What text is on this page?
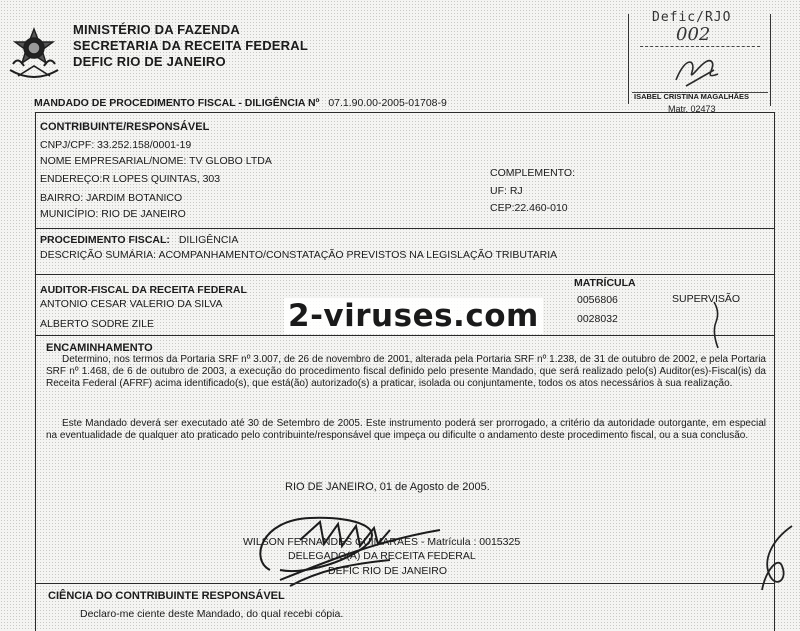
MINISTÉRIO DA FAZENDA
SECRETARIA DA RECEITA FEDERAL
DEFIC RIO DE JANEIRO
Defic/RJO
002
ISABEL CRISTINA MAGALHÃES
Matr. 02473
MANDADO DE PROCEDIMENTO FISCAL - DILIGÊNCIA Nº 07.1.90.00-2005-01708-9
CONTRIBUINTE/RESPONSÁVEL
CNPJ/CPF: 33.252.158/0001-19
NOME EMPRESARIAL/NOME: TV GLOBO LTDA
ENDEREÇO:R LOPES QUINTAS, 303
BAIRRO: JARDIM BOTANICO
MUNICÍPIO: RIO DE JANEIRO
COMPLEMENTO:
UF: RJ
CEP:22.460-010
PROCEDIMENTO FISCAL: DILIGÊNCIA
DESCRIÇÃO SUMÁRIA: ACOMPANHAMENTO/CONSTATAÇÃO PREVISTOS NA LEGISLAÇÃO TRIBUTARIA
AUDITOR-FISCAL DA RECEITA FEDERAL
MATRÍCULA
ANTONIO CESAR VALERIO DA SILVA	0056806	SUPERVISÃO
ALBERTO SODRE ZILE	0028032
2-viruses.com
ENCAMINHAMENTO
Determino, nos termos da Portaria SRF nº 3.007, de 26 de novembro de 2001, alterada pela Portaria SRF nº 1.238, de 31 de outubro de 2002, e pela Portaria SRF nº 1.468, de 6 de outubro de 2003, a execução do procedimento fiscal definido pelo presente Mandado, que será realizado pelo(s) Auditor(es)-Fiscal(is) da Receita Federal (AFRF) acima identificado(s), que está(ão) autorizado(s) a praticar, isolada ou conjuntamente, todos os atos necessários à sua realização.
Este Mandado deverá ser executado até 30 de Setembro de 2005. Este instrumento poderá ser prorrogado, a critério da autoridade outorgante, em especial na eventualidade de qualquer ato praticado pelo contribuinte/responsável que impeça ou dificulte o andamento deste procedimento fiscal, ou a sua conclusão.
RIO DE JANEIRO, 01 de Agosto de 2005.
WILSON FERNANDES GUIMARAES - Matrícula : 0015325
DELEGADO(A) DA RECEITA FEDERAL
DEFIC RIO DE JANEIRO
CIÊNCIA DO CONTRIBUINTE RESPONSÁVEL
Declaro-me ciente deste Mandado, do qual recebi cópia.
